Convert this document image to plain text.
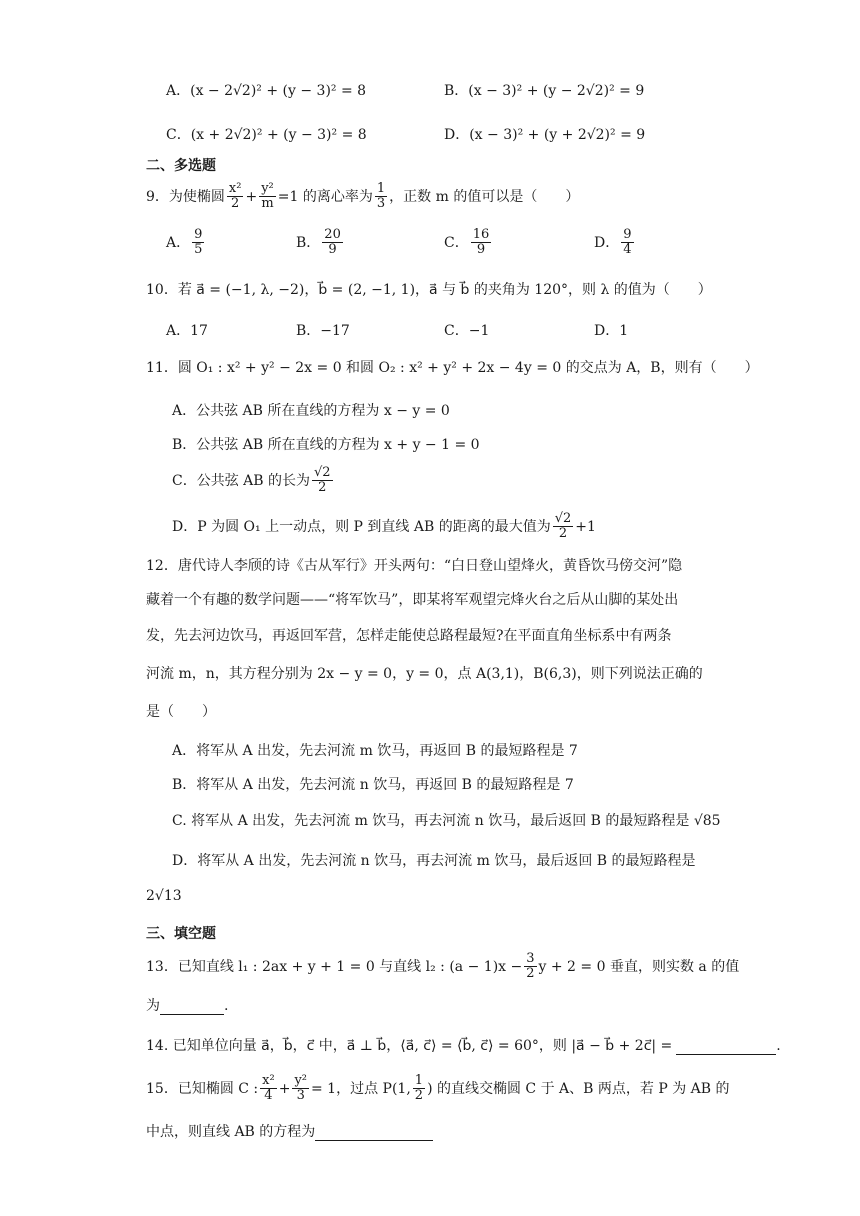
A．(x − 2√2)² + (y − 3)² = 8	B．(x − 3)² + (y − 2√2)² = 9
C．(x + 2√2)² + (y − 3)² = 8	D．(x − 3)² + (y + 2√2)² = 9
二、多选题
9．为使椭圆 $\frac{\text{x²}}{2} + \frac{\text{y²}}{m} =1$ 的离心率为 $\frac{1}{3}$ ，正数 m 的值可以是（　　）
A． $\frac{9}{5}$	B． $\frac{20}{9}$	C． $\frac{16}{9}$	D． $\frac{9}{4}$
10．若 a⃗ = (−1, λ, −2)，b⃗ = (2, −1, 1)，a⃗ 与 b⃗ 的夹角为 120°，则 λ 的值为（　　）
A．17	B．−17	C．−1	D．1
11．圆 O₁ : x² + y² − 2x = 0 和圆 O₂ : x² + y² + 2x − 4y = 0 的交点为 A，B，则有（　　）
A．公共弦 AB 所在直线的方程为 x − y = 0
B．公共弦 AB 所在直线的方程为 x + y − 1 = 0
C．公共弦 AB 的长为 $\frac{√2}{2}$
D．P 为圆 O₁ 上一动点，则 P 到直线 AB 的距离的最大值为 $\frac{√2}{2} +1$
12．唐代诗人李颀的诗《古从军行》开头两句：“白日登山望烽火，黄昏饮马傍交河”隐
藏着一个有趣的数学问题——“将军饮马”，即某将军观望完烽火台之后从山脚的某处出
发，先去河边饮马，再返回军营，怎样走能使总路程最短?在平面直角坐标系中有两条
河流 m，n，其方程分别为 2x − y = 0，y = 0，点 A(3,1)，B(6,3)，则下列说法正确的
是（　　）
A．将军从 A 出发，先去河流 m 饮马，再返回 B 的最短路程是 7
B．将军从 A 出发，先去河流 n 饮马，再返回 B 的最短路程是 7
C. 将军从 A 出发，先去河流 m 饮马，再去河流 n 饮马，最后返回 B 的最短路程是 √85
D．将军从 A 出发，先去河流 n 饮马，再去河流 m 饮马，最后返回 B 的最短路程是
2√13
三、填空题
13．已知直线 l₁ : 2ax + y + 1 = 0 与直线 l₂ : $(a - 1)x - \frac{3}{2}$ y + 2 = 0 垂直，则实数 a 的值
为	.
14. 已知单位向量 a⃗，b⃗，c⃗ 中，a⃗ ⊥ b⃗，⟨a⃗, c⃗⟩ = ⟨b⃗, c⃗⟩ = 60°，则 |a⃗ − b⃗ + 2c⃗| =	.
15．已知椭圆 C : $\frac{\text{x²}}{4} + \frac{\text{y²}}{3} = 1$，过点 P(1, $\frac{1}{2}$ ) 的直线交椭圆 C 于 A、B 两点，若 P 为 AB 的
中点，则直线 AB 的方程为
